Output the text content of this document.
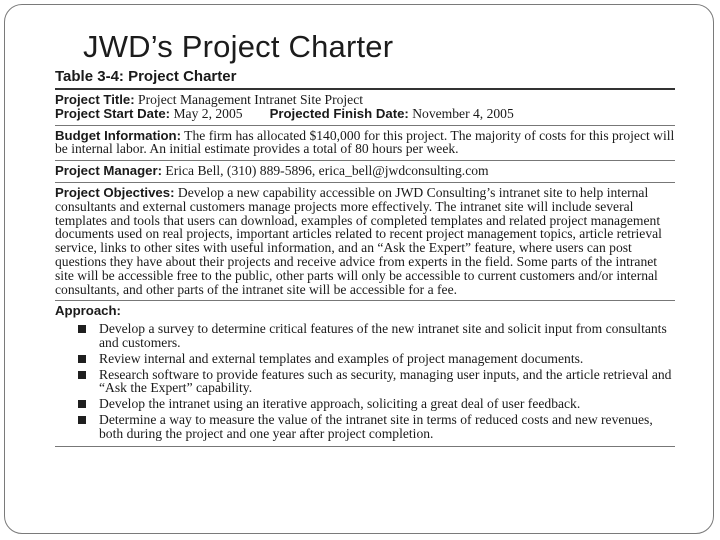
JWD’s Project Charter
Table 3-4: Project Charter
Project Title: Project Management Intranet Site Project
Project Start Date: May 2, 2005 Projected Finish Date: November 4, 2005
Budget Information: The firm has allocated $140,000 for this project. The majority of costs for this project will be internal labor. An initial estimate provides a total of 80 hours per week.
Project Manager: Erica Bell, (310) 889-5896, erica_bell@jwdconsulting.com
Project Objectives: Develop a new capability accessible on JWD Consulting’s intranet site to help internal consultants and external customers manage projects more effectively. The intranet site will include several templates and tools that users can download, examples of completed templates and related project management documents used on real projects, important articles related to recent project management topics, article retrieval service, links to other sites with useful information, and an “Ask the Expert” feature, where users can post questions they have about their projects and receive advice from experts in the field. Some parts of the intranet site will be accessible free to the public, other parts will only be accessible to current customers and/or internal consultants, and other parts of the intranet site will be accessible for a fee.
Approach:
Develop a survey to determine critical features of the new intranet site and solicit input from consultants and customers.
Review internal and external templates and examples of project management documents.
Research software to provide features such as security, managing user inputs, and the article retrieval and “Ask the Expert” capability.
Develop the intranet using an iterative approach, soliciting a great deal of user feedback.
Determine a way to measure the value of the intranet site in terms of reduced costs and new revenues, both during the project and one year after project completion.
